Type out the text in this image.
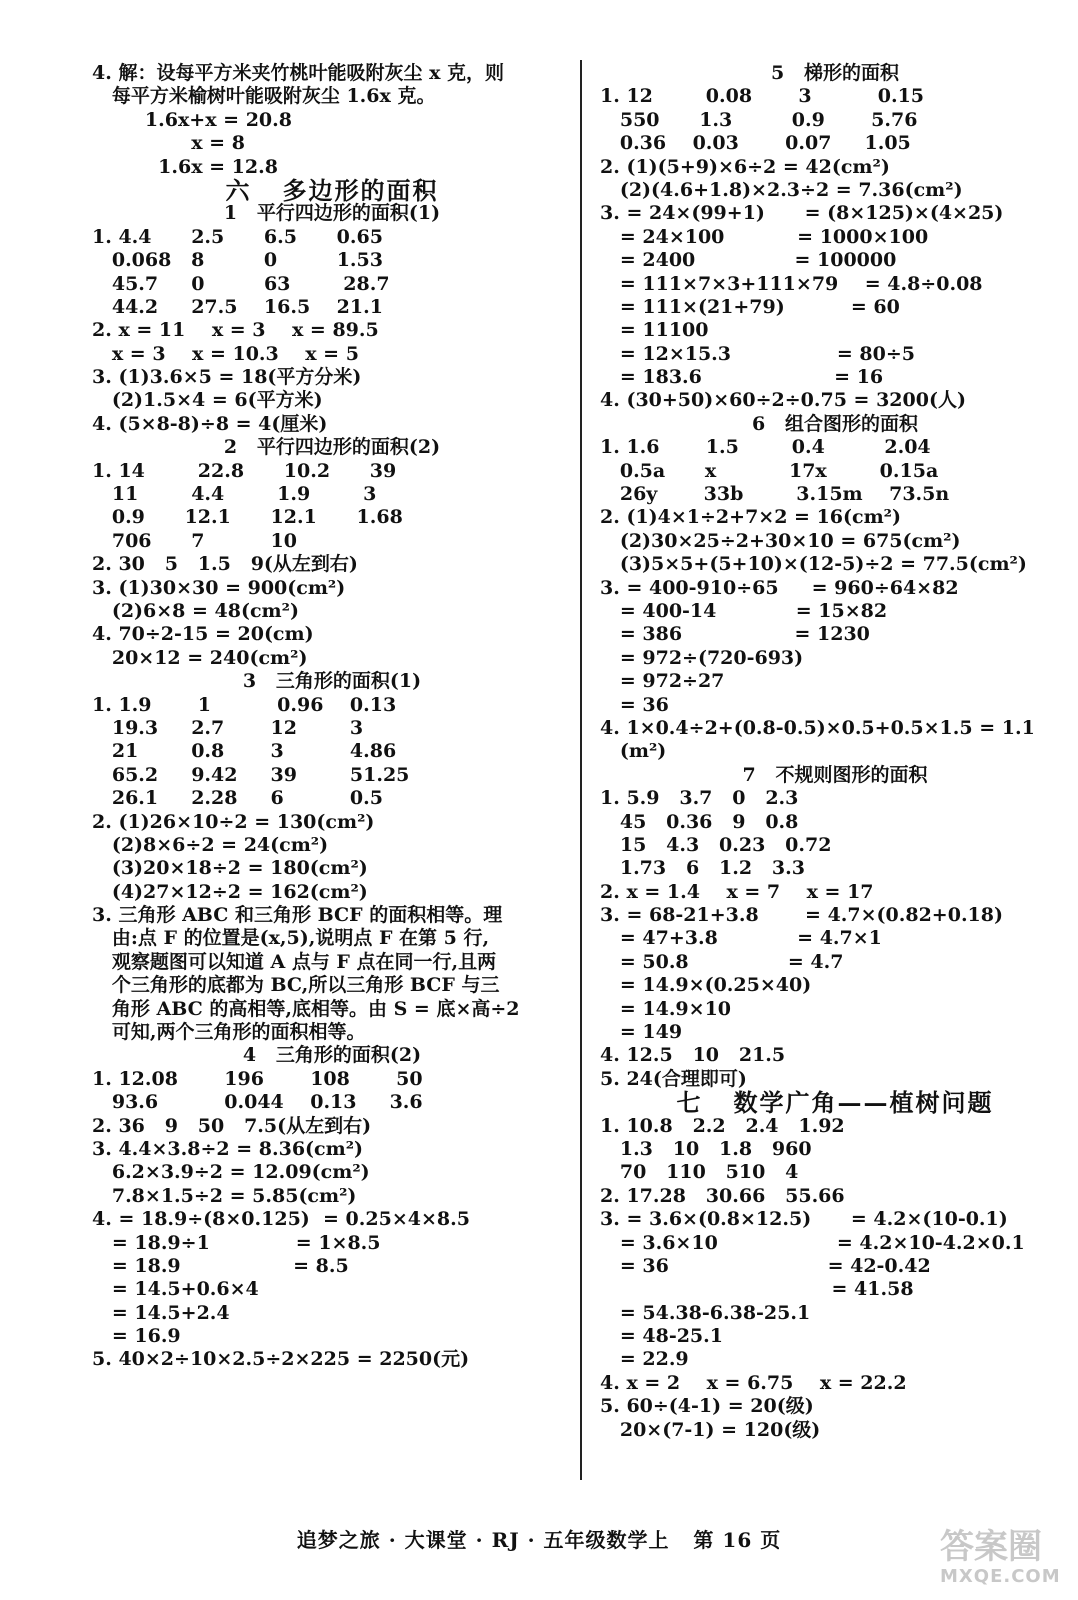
4. 解：设每平方米夹竹桃叶能吸附灰尘 x 克，则
每平方米榆树叶能吸附灰尘 1.6x 克。
1.6x+x = 20.8
x = 8
1.6x = 12.8
六   多边形的面积
1   平行四边形的面积(1)
1. 4.4      2.5      6.5      0.65
0.068   8         0         1.53
45.7     0         63        28.7
44.2     27.5    16.5    21.1
2. x = 11    x = 3    x = 89.5
x = 3    x = 10.3    x = 5
3. (1)3.6×5 = 18(平方分米)
(2)1.5×4 = 6(平方米)
4. (5×8-8)÷8 = 4(厘米)
2   平行四边形的面积(2)
1. 14        22.8      10.2      39
11        4.4        1.9        3
0.9      12.1      12.1      1.68
706      7          10
2. 30   5   1.5   9(从左到右)
3. (1)30×30 = 900(cm²)
(2)6×8 = 48(cm²)
4. 70÷2-15 = 20(cm)
20×12 = 240(cm²)
3   三角形的面积(1)
1. 1.9       1          0.96    0.13
19.3     2.7       12        3
21        0.8       3          4.86
65.2     9.42     39        51.25
26.1     2.28     6          0.5
2. (1)26×10÷2 = 130(cm²)
(2)8×6÷2 = 24(cm²)
(3)20×18÷2 = 180(cm²)
(4)27×12÷2 = 162(cm²)
3. 三角形 ABC 和三角形 BCF 的面积相等。理
由:点 F 的位置是(x,5),说明点 F 在第 5 行,
观察题图可以知道 A 点与 F 点在同一行,且两
个三角形的底都为 BC,所以三角形 BCF 与三
角形 ABC 的高相等,底相等。由 S = 底×高÷2
可知,两个三角形的面积相等。
4   三角形的面积(2)
1. 12.08       196       108       50
93.6          0.044    0.13     3.6
2. 36   9   50   7.5(从左到右)
3. 4.4×3.8÷2 = 8.36(cm²)
6.2×3.9÷2 = 12.09(cm²)
7.8×1.5÷2 = 5.85(cm²)
4. = 18.9÷(8×0.125)  = 0.25×4×8.5
= 18.9÷1             = 1×8.5
= 18.9                 = 8.5
= 14.5+0.6×4
= 14.5+2.4
= 16.9
5. 40×2÷10×2.5÷2×225 = 2250(元)
5   梯形的面积
1. 12        0.08       3          0.15
550      1.3         0.9       5.76
0.36    0.03       0.07     1.05
2. (1)(5+9)×6÷2 = 42(cm²)
(2)(4.6+1.8)×2.3÷2 = 7.36(cm²)
3. = 24×(99+1)      = (8×125)×(4×25)
= 24×100           = 1000×100
= 2400               = 100000
= 111×7×3+111×79    = 4.8÷0.08
= 111×(21+79)          = 60
= 11100
= 12×15.3                = 80÷5
= 183.6                    = 16
4. (30+50)×60÷2÷0.75 = 3200(人)
6   组合图形的面积
1. 1.6       1.5        0.4         2.04
0.5a      x           17x        0.15a
26y       33b        3.15m    73.5n
2. (1)4×1÷2+7×2 = 16(cm²)
(2)30×25÷2+30×10 = 675(cm²)
(3)5×5+(5+10)×(12-5)÷2 = 77.5(cm²)
3. = 400-910÷65     = 960÷64×82
= 400-14            = 15×82
= 386                 = 1230
= 972÷(720-693)
= 972÷27
= 36
4. 1×0.4÷2+(0.8-0.5)×0.5+0.5×1.5 = 1.1
(m²)
7   不规则图形的面积
1. 5.9   3.7   0   2.3
45   0.36   9   0.8
15   4.3   0.23   0.72
1.73   6   1.2   3.3
2. x = 1.4    x = 7    x = 17
3. = 68-21+3.8       = 4.7×(0.82+0.18)
= 47+3.8            = 4.7×1
= 50.8               = 4.7
= 14.9×(0.25×40)
= 14.9×10
= 149
4. 12.5   10   21.5
5. 24(合理即可)
七   数学广角——植树问题
1. 10.8   2.2   2.4   1.92
1.3   10   1.8   960
70   110   510   4
2. 17.28   30.66   55.66
3. = 3.6×(0.8×12.5)      = 4.2×(10-0.1)
= 3.6×10                  = 4.2×10-4.2×0.1
= 36                        = 42-0.42
= 41.58
= 54.38-6.38-25.1
= 48-25.1
= 22.9
4. x = 2    x = 6.75    x = 22.2
5. 60÷(4-1) = 20(级)
20×(7-1) = 120(级)
追梦之旅 · 大课堂 · RJ · 五年级数学上   第 16 页	答案圈
MXQE.COM
